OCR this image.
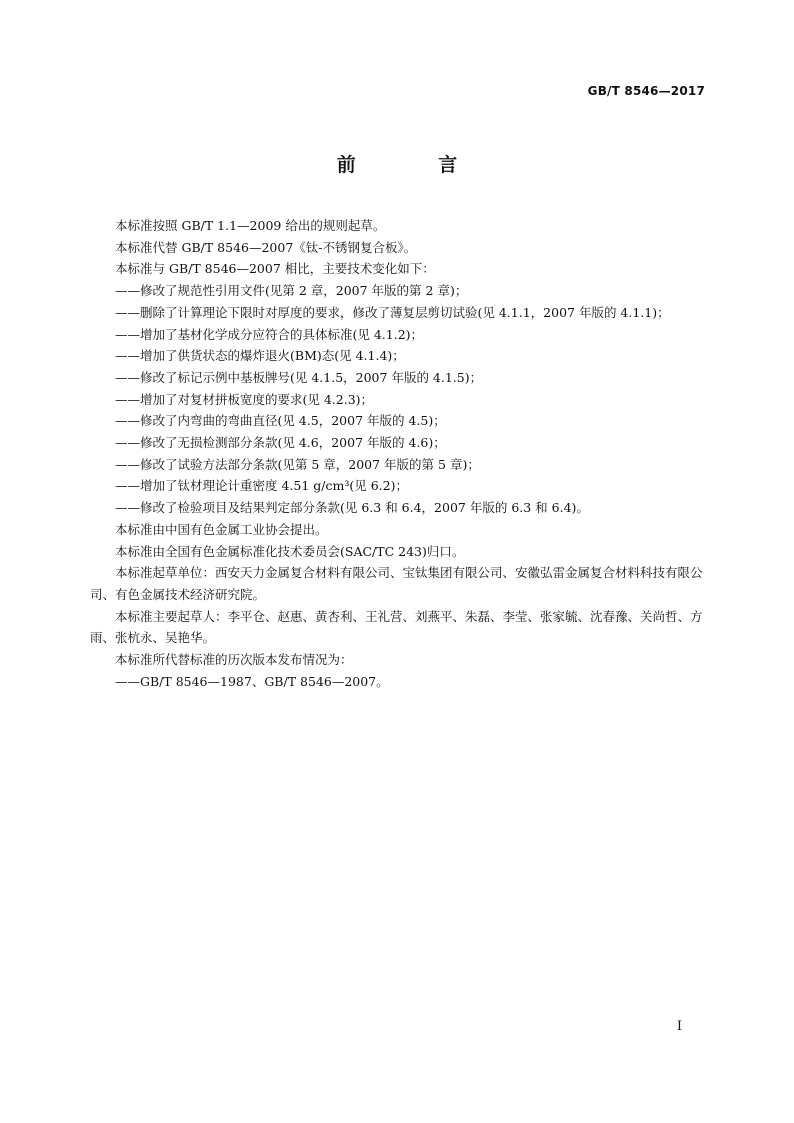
GB/T 8546—2017
前 言

本标准按照 GB/T 1.1—2009 给出的规则起草。

本标准代替 GB/T 8546—2007《钛-不锈钢复合板》。

本标准与 GB/T 8546—2007 相比，主要技术变化如下：

——修改了规范性引用文件(见第 2 章，2007 年版的第 2 章)；

——删除了计算理论下限时对厚度的要求，修改了薄复层剪切试验(见 4.1.1，2007 年版的 4.1.1)；

——增加了基材化学成分应符合的具体标准(见 4.1.2)；

——增加了供货状态的爆炸退火(BM)态(见 4.1.4)；

——修改了标记示例中基板牌号(见 4.1.5，2007 年版的 4.1.5)；

——增加了对复材拼板宽度的要求(见 4.2.3)；

——修改了内弯曲的弯曲直径(见 4.5，2007 年版的 4.5)；

——修改了无损检测部分条款(见 4.6，2007 年版的 4.6)；

——修改了试验方法部分条款(见第 5 章，2007 年版的第 5 章)；

——增加了钛材理论计重密度 4.51 g/cm³(见 6.2)；

——修改了检验项目及结果判定部分条款(见 6.3 和 6.4，2007 年版的 6.3 和 6.4)。

本标准由中国有色金属工业协会提出。

本标准由全国有色金属标准化技术委员会(SAC/TC 243)归口。

本标准起草单位：西安天力金属复合材料有限公司、宝钛集团有限公司、安徽弘雷金属复合材料科技有限公司、有色金属技术经济研究院。

本标准主要起草人：李平仓、赵惠、黄杏利、王礼营、刘燕平、朱磊、李莹、张家毓、沈春豫、关尚哲、方雨、张杭永、吴艳华。

本标准所代替标准的历次版本发布情况为：

——GB/T 8546—1987、GB/T 8546—2007。

I
